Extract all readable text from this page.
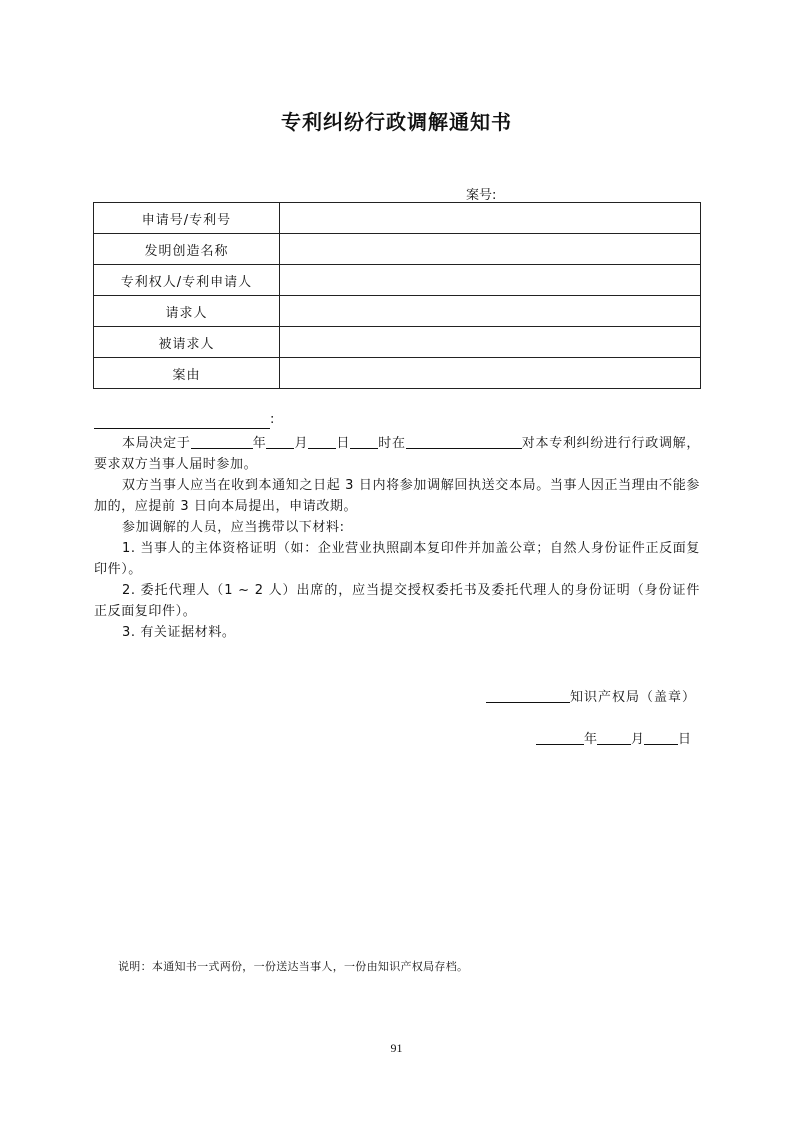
专利纠纷行政调解通知书
案号:
申请号/专利号	
发明创造名称	
专利权人/专利申请人	
请求人	
被请求人	
案由	
:
本局决定于	年 月 日 时在	对本专利纠纷进行行政调解，要求双方当事人届时参加。
双方当事人应当在收到本通知之日起 3 日内将参加调解回执送交本局。当事人因正当理由不能参加的，应提前 3 日向本局提出，申请改期。
参加调解的人员，应当携带以下材料:
1. 当事人的主体资格证明（如：企业营业执照副本复印件并加盖公章；自然人身份证件正反面复印件）。
2. 委托代理人（1 ~ 2 人）出席的，应当提交授权委托书及委托代理人的身份证明（身份证件正反面复印件）。
3. 有关证据材料。
知识产权局（盖章）
年	月	日
说明：本通知书一式两份，一份送达当事人，一份由知识产权局存档。
91
